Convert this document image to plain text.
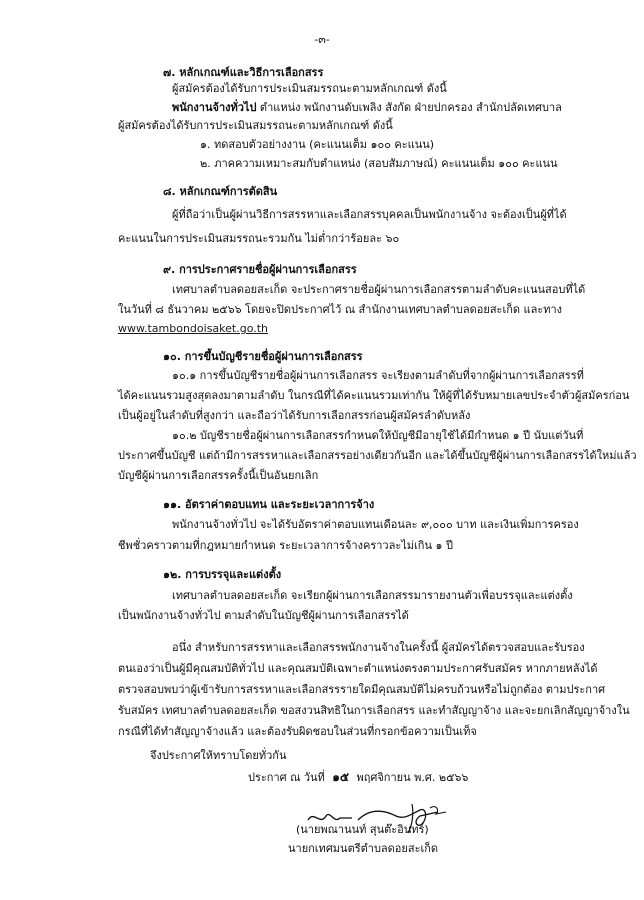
-๓-
๗. หลักเกณฑ์และวิธีการเลือกสรร
ผู้สมัครต้องได้รับการประเมินสมรรถนะตามหลักเกณฑ์ ดังนี้
พนักงานจ้างทั่วไป ตำแหน่ง พนักงานดับเพลิง สังกัด ฝ่ายปกครอง สำนักปลัดเทศบาล
ผู้สมัครต้องได้รับการประเมินสมรรถนะตามหลักเกณฑ์ ดังนี้
๑. ทดสอบตัวอย่างงาน (คะแนนเต็ม ๑๐๐ คะแนน)
๒. ภาคความเหมาะสมกับตำแหน่ง (สอบสัมภาษณ์) คะแนนเต็ม ๑๐๐ คะแนน
๘. หลักเกณฑ์การตัดสิน
ผู้ที่ถือว่าเป็นผู้ผ่านวิธีการสรรหาและเลือกสรรบุคคลเป็นพนักงานจ้าง จะต้องเป็นผู้ที่ได้
คะแนนในการประเมินสมรรถนะรวมกัน ไม่ต่ำกว่าร้อยละ ๖๐
๙. การประกาศรายชื่อผู้ผ่านการเลือกสรร
เทศบาลตำบลดอยสะเก็ด จะประกาศรายชื่อผู้ผ่านการเลือกสรรตามลำดับคะแนนสอบที่ได้
ในวันที่ ๘ ธันวาคม ๒๕๖๖ โดยจะปิดประกาศไว้ ณ สำนักงานเทศบาลตำบลดอยสะเก็ด และทาง
www.tambondoisaket.go.th
๑๐. การขึ้นบัญชีรายชื่อผู้ผ่านการเลือกสรร
๑๐.๑ การขึ้นบัญชีรายชื่อผู้ผ่านการเลือกสรร จะเรียงตามลำดับที่จากผู้ผ่านการเลือกสรรที่
ได้คะแนนรวมสูงสุดลงมาตามลำดับ ในกรณีที่ได้คะแนนรวมเท่ากัน ให้ผู้ที่ได้รับหมายเลขประจำตัวผู้สมัครก่อน
เป็นผู้อยู่ในลำดับที่สูงกว่า และถือว่าได้รับการเลือกสรรก่อนผู้สมัครลำดับหลัง
๑๐.๒ บัญชีรายชื่อผู้ผ่านการเลือกสรรกำหนดให้บัญชีมีอายุใช้ได้มีกำหนด ๑ ปี นับแต่วันที่
ประกาศขึ้นบัญชี แต่ถ้ามีการสรรหาและเลือกสรรอย่างเดียวกันอีก และได้ขึ้นบัญชีผู้ผ่านการเลือกสรรได้ใหม่แล้ว
บัญชีผู้ผ่านการเลือกสรรครั้งนี้เป็นอันยกเลิก
๑๑. อัตราค่าตอบแทน และระยะเวลาการจ้าง
พนักงานจ้างทั่วไป จะได้รับอัตราค่าตอบแทนเดือนละ ๙,๐๐๐ บาท และเงินเพิ่มการครอง
ชีพชั่วคราวตามที่กฎหมายกำหนด ระยะเวลาการจ้างคราวละไม่เกิน ๑ ปี
๑๒. การบรรจุและแต่งตั้ง
เทศบาลตำบลดอยสะเก็ด จะเรียกผู้ผ่านการเลือกสรรมารายงานตัวเพื่อบรรจุและแต่งตั้ง
เป็นพนักงานจ้างทั่วไป ตามลำดับในบัญชีผู้ผ่านการเลือกสรรได้
อนึ่ง สำหรับการสรรหาและเลือกสรรพนักงานจ้างในครั้งนี้ ผู้สมัครได้ตรวจสอบและรับรอง
ตนเองว่าเป็นผู้มีคุณสมบัติทั่วไป และคุณสมบัติเฉพาะตำแหน่งตรงตามประกาศรับสมัคร หากภายหลังได้
ตรวจสอบพบว่าผู้เข้ารับการสรรหาและเลือกสรรรายใดมีคุณสมบัติไม่ครบถ้วนหรือไม่ถูกต้อง ตามประกาศ
รับสมัคร เทศบาลตำบลดอยสะเก็ด ขอสงวนสิทธิในการเลือกสรร และทำสัญญาจ้าง และจะยกเลิกสัญญาจ้างใน
กรณีที่ได้ทำสัญญาจ้างแล้ว และต้องรับผิดชอบในส่วนที่กรอกข้อความเป็นเท็จ
จึงประกาศให้ทราบโดยทั่วกัน
ประกาศ ณ วันที่ ๑๕ พฤศจิกายน พ.ศ. ๒๕๖๖
(นายพณานนท์ สุนต๊ะอินทร์)
นายกเทศมนตรีตำบลดอยสะเก็ด
